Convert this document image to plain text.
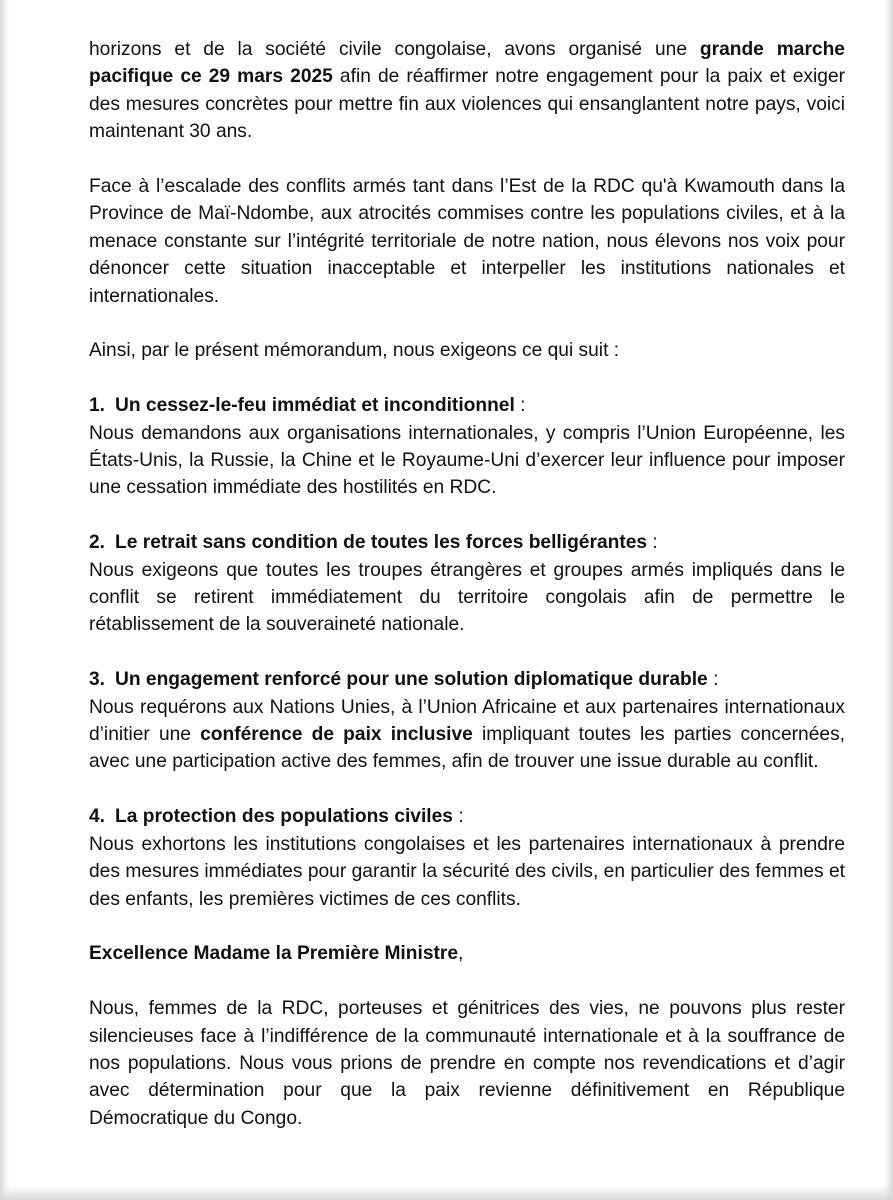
horizons et de la société civile congolaise, avons organisé une grande marche pacifique ce 29 mars 2025 afin de réaffirmer notre engagement pour la paix et exiger des mesures concrètes pour mettre fin aux violences qui ensanglantent notre pays, voici maintenant 30 ans.

Face à l’escalade des conflits armés tant dans l’Est de la RDC qu'à Kwamouth dans la Province de Maï-Ndombe, aux atrocités commises contre les populations civiles, et à la menace constante sur l’intégrité territoriale de notre nation, nous élevons nos voix pour dénoncer cette situation inacceptable et interpeller les institutions nationales et internationales.

Ainsi, par le présent mémorandum, nous exigeons ce qui suit :

1. Un cessez-le-feu immédiat et inconditionnel :
Nous demandons aux organisations internationales, y compris l’Union Européenne, les États-Unis, la Russie, la Chine et le Royaume-Uni d’exercer leur influence pour imposer une cessation immédiate des hostilités en RDC.
2. Le retrait sans condition de toutes les forces belligérantes :
Nous exigeons que toutes les troupes étrangères et groupes armés impliqués dans le conflit se retirent immédiatement du territoire congolais afin de permettre le rétablissement de la souveraineté nationale.
3. Un engagement renforcé pour une solution diplomatique durable :
Nous requérons aux Nations Unies, à l’Union Africaine et aux partenaires internationaux d’initier une conférence de paix inclusive impliquant toutes les parties concernées, avec une participation active des femmes, afin de trouver une issue durable au conflit.
4. La protection des populations civiles :
Nous exhortons les institutions congolaises et les partenaires internationaux à prendre des mesures immédiates pour garantir la sécurité des civils, en particulier des femmes et des enfants, les premières victimes de ces conflits.

Excellence Madame la Première Ministre,

Nous, femmes de la RDC, porteuses et génitrices des vies, ne pouvons plus rester silencieuses face à l’indifférence de la communauté internationale et à la souffrance de nos populations. Nous vous prions de prendre en compte nos revendications et d’agir avec détermination pour que la paix revienne définitivement en République Démocratique du Congo.
